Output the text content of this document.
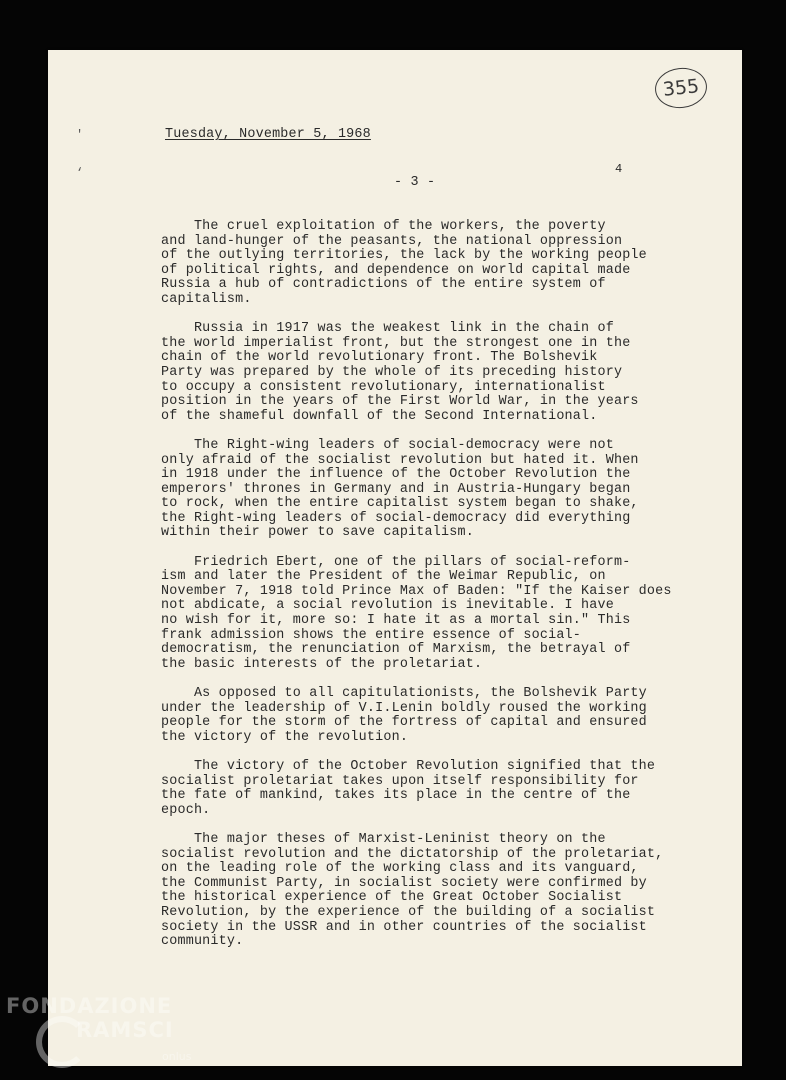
'
‘
Tuesday, November 5, 1968
- 3 -
4
355
The cruel exploitation of the workers, the poverty
and land-hunger of the peasants, the national oppression
of the outlying territories, the lack by the working people
of political rights, and dependence on world capital made
Russia a hub of contradictions of the entire system of
capitalism.
Russia in 1917 was the weakest link in the chain of
the world imperialist front, but the strongest one in the
chain of the world revolutionary front. The Bolshevik
Party was prepared by the whole of its preceding history
to occupy a consistent revolutionary, internationalist
position in the years of the First World War, in the years
of the shameful downfall of the Second International.
The Right-wing leaders of social-democracy were not
only afraid of the socialist revolution but hated it. When
in 1918 under the influence of the October Revolution the
emperors' thrones in Germany and in Austria-Hungary began
to rock, when the entire capitalist system began to shake,
the Right-wing leaders of social-democracy did everything
within their power to save capitalism.
Friedrich Ebert, one of the pillars of social-reform-
ism and later the President of the Weimar Republic, on
November 7, 1918 told Prince Max of Baden: "If the Kaiser does
not abdicate, a social revolution is inevitable. I have
no wish for it, more so: I hate it as a mortal sin." This
frank admission shows the entire essence of social-
democratism, the renunciation of Marxism, the betrayal of
the basic interests of the proletariat.
As opposed to all capitulationists, the Bolshevik Party
under the leadership of V.I.Lenin boldly roused the working
people for the storm of the fortress of capital and ensured
the victory of the revolution.
The victory of the October Revolution signified that the
socialist proletariat takes upon itself responsibility for
the fate of mankind, takes its place in the centre of the
epoch.
The major theses of Marxist-Leninist theory on the
socialist revolution and the dictatorship of the proletariat,
on the leading role of the working class and its vanguard,
the Communist Party, in socialist society were confirmed by
the historical experience of the Great October Socialist
Revolution, by the experience of the building of a socialist
society in the USSR and in other countries of the socialist
community.
FONDAZIONE
RAMSCI
onlus
